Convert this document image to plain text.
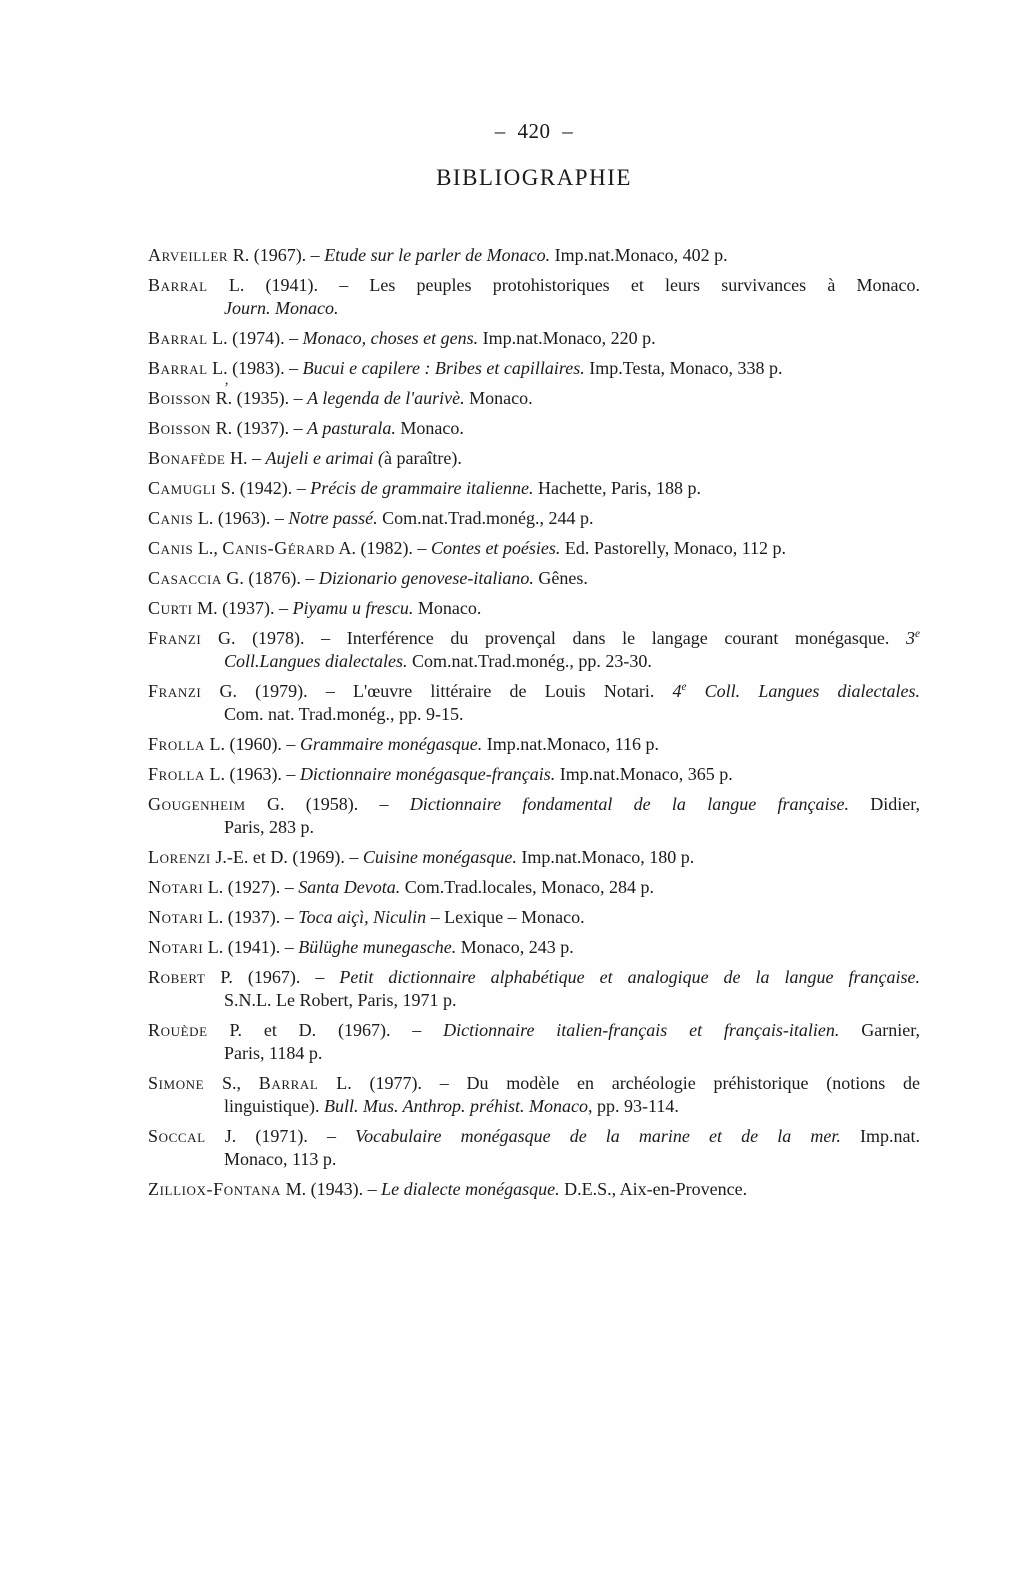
– 420 –
BIBLIOGRAPHIE

Arveiller R. (1967). – Etude sur le parler de Monaco. Imp.nat.Monaco, 402 p.

Barral L. (1941). – Les peuples protohistoriques et leurs survivances à Monaco.
Journ. Monaco.

Barral L. (1974). – Monaco, choses et gens. Imp.nat.Monaco, 220 p.

Barral L. (1983). – Bucui e capilere : Bribes et capillaires. Imp.Testa, Monaco, 338 p.

’ Boisson R. (1935). – A legenda de l'aurivè. Monaco.

Boisson R. (1937). – A pasturala. Monaco.

Bonafède H. – Aujeli e arimai (à paraître).

Camugli S. (1942). – Précis de grammaire italienne. Hachette, Paris, 188 p.

Canis L. (1963). – Notre passé. Com.nat.Trad.monég., 244 p.

Canis L., Canis-Gérard A. (1982). – Contes et poésies. Ed. Pastorelly, Monaco, 112 p.

Casaccia G. (1876). – Dizionario genovese-italiano. Gênes.

Curti M. (1937). – Piyamu u frescu. Monaco.

Franzi G. (1978). – Interférence du provençal dans le langage courant monégasque. 3e
Coll.Langues dialectales. Com.nat.Trad.monég., pp. 23-30.

Franzi G. (1979). – L'œuvre littéraire de Louis Notari. 4e Coll. Langues dialectales.
Com. nat. Trad.monég., pp. 9-15.

Frolla L. (1960). – Grammaire monégasque. Imp.nat.Monaco, 116 p.

Frolla L. (1963). – Dictionnaire monégasque-français. Imp.nat.Monaco, 365 p.

Gougenheim G. (1958). – Dictionnaire fondamental de la langue française. Didier,
Paris, 283 p.

Lorenzi J.-E. et D. (1969). – Cuisine monégasque. Imp.nat.Monaco, 180 p.

Notari L. (1927). – Santa Devota. Com.Trad.locales, Monaco, 284 p.

Notari L. (1937). – Toca aiçì, Niculin – Lexique – Monaco.

Notari L. (1941). – Bülüghe munegasche. Monaco, 243 p.

Robert P. (1967). – Petit dictionnaire alphabétique et analogique de la langue française.
S.N.L. Le Robert, Paris, 1971 p.

Rouède P. et D. (1967). – Dictionnaire italien-français et français-italien. Garnier,
Paris, 1184 p.

Simone S., Barral L. (1977). – Du modèle en archéologie préhistorique (notions de
linguistique). Bull. Mus. Anthrop. préhist. Monaco, pp. 93-114.

Soccal J. (1971). – Vocabulaire monégasque de la marine et de la mer. Imp.nat.
Monaco, 113 p.

Zilliox-Fontana M. (1943). – Le dialecte monégasque. D.E.S., Aix-en-Provence.
